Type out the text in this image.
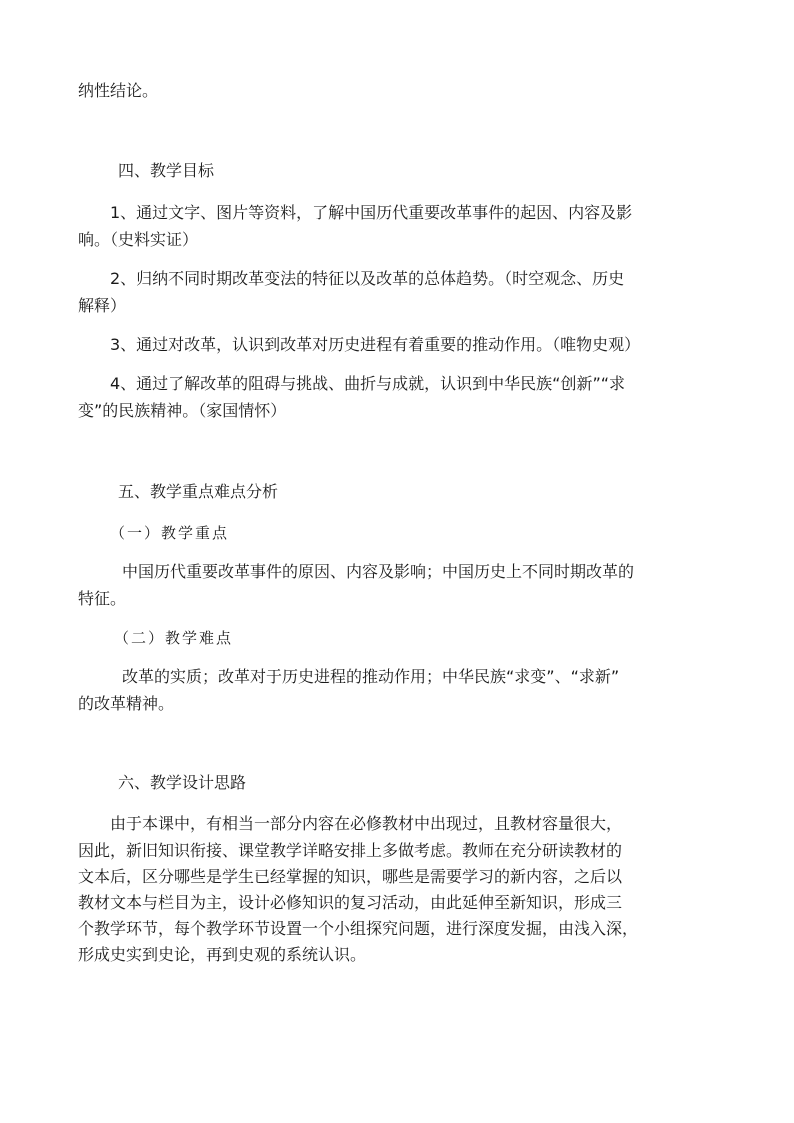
纳性结论。
四、教学目标
1、通过文字、图片等资料，了解中国历代重要改革事件的起因、内容及影
响。（史料实证）
2、归纳不同时期改革变法的特征以及改革的总体趋势。（时空观念、历史
解释）
3、通过对改革，认识到改革对历史进程有着重要的推动作用。（唯物史观）
4、通过了解改革的阻碍与挑战、曲折与成就，认识到中华民族“创新”“求
变”的民族精神。（家国情怀）
五、教学重点难点分析
（一）教学重点
中国历代重要改革事件的原因、内容及影响；中国历史上不同时期改革的
特征。
（二）教学难点
改革的实质；改革对于历史进程的推动作用；中华民族“求变”、“求新”
的改革精神。
六、教学设计思路
由于本课中，有相当一部分内容在必修教材中出现过，且教材容量很大，
因此，新旧知识衔接、课堂教学详略安排上多做考虑。教师在充分研读教材的
文本后，区分哪些是学生已经掌握的知识，哪些是需要学习的新内容，之后以
教材文本与栏目为主，设计必修知识的复习活动，由此延伸至新知识，形成三
个教学环节，每个教学环节设置一个小组探究问题，进行深度发掘，由浅入深，
形成史实到史论，再到史观的系统认识。
